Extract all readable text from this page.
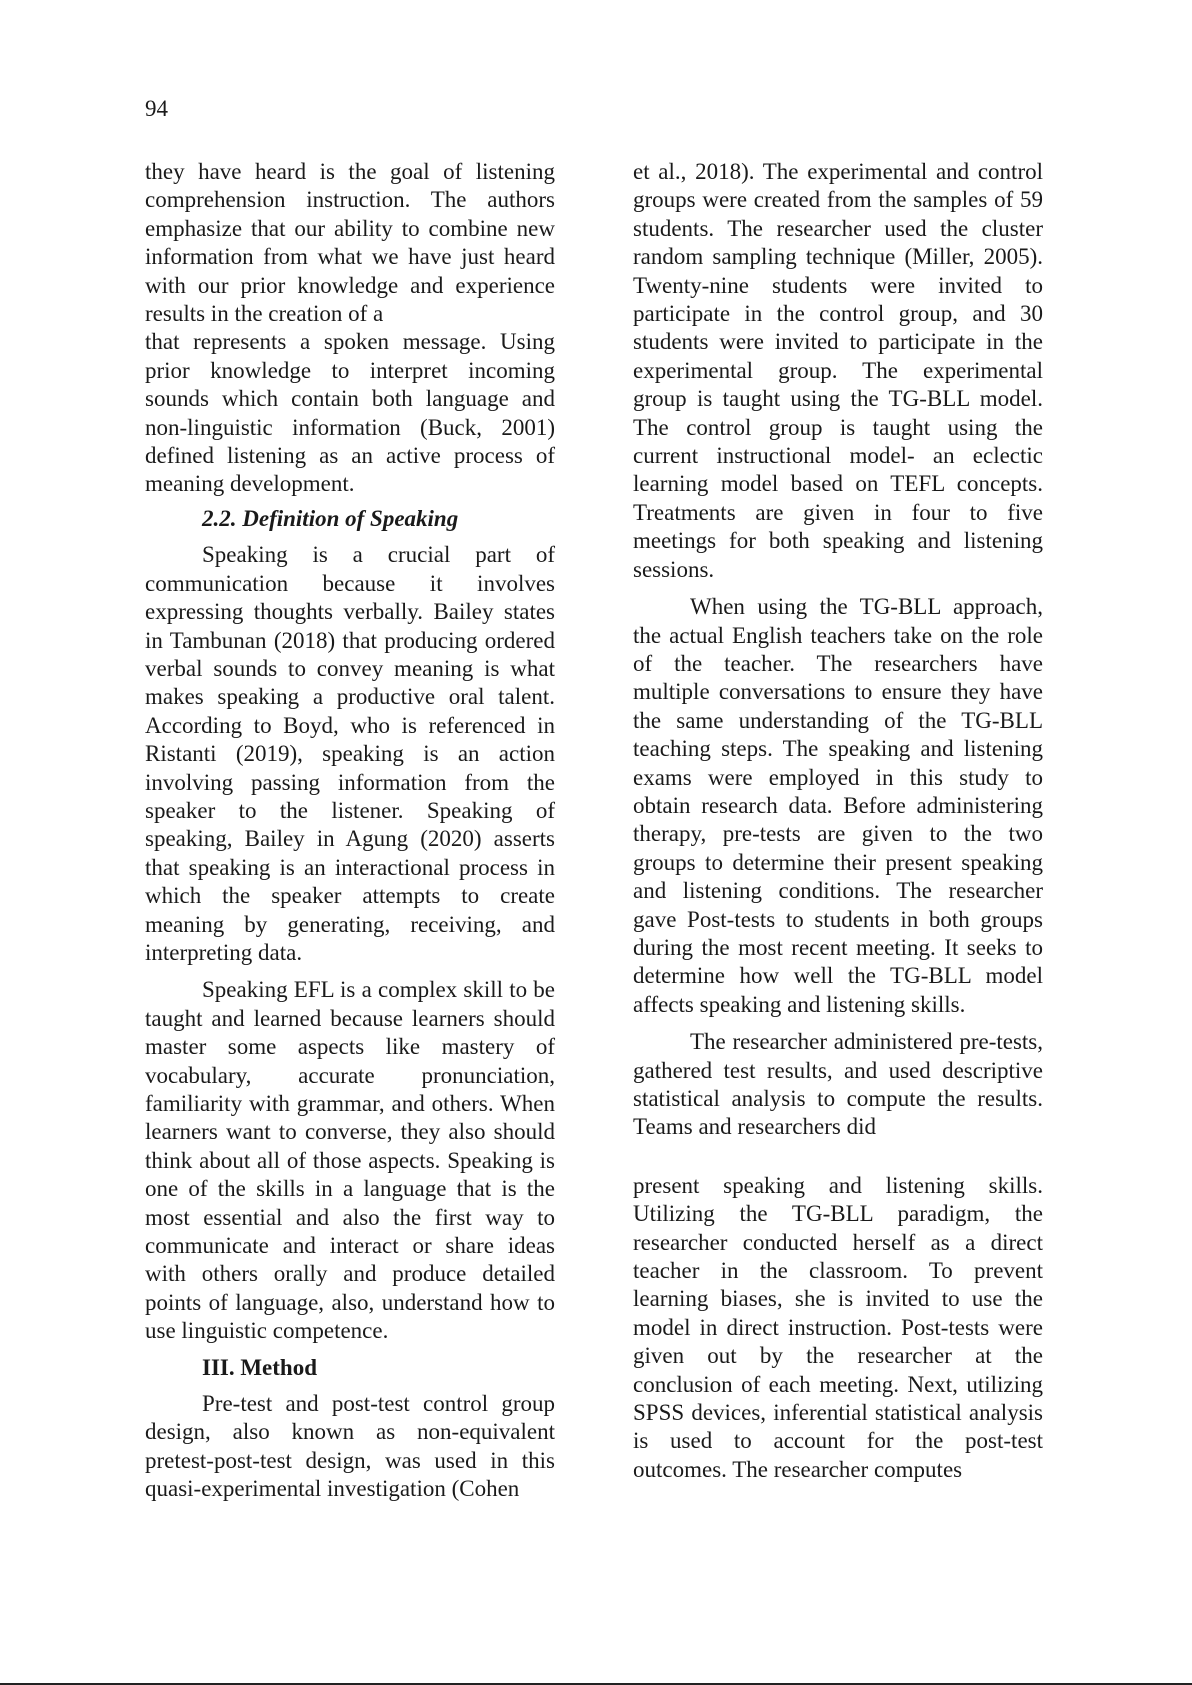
94

they have heard is the goal of listening comprehension instruction. The authors emphasize that our ability to combine new information from what we have just heard with our prior knowledge and experience results in the creation of a

that represents a spoken message. Using prior knowledge to interpret incoming sounds which contain both language and non-linguistic information (Buck, 2001) defined listening as an active process of meaning development.

2.2. Definition of Speaking

Speaking is a crucial part of communication because it involves expressing thoughts verbally. Bailey states in Tambunan (2018) that producing ordered verbal sounds to convey meaning is what makes speaking a productive oral talent. According to Boyd, who is referenced in Ristanti (2019), speaking is an action involving passing information from the speaker to the listener. Speaking of speaking, Bailey in Agung (2020) asserts that speaking is an interactional process in which the speaker attempts to create meaning by generating, receiving, and interpreting data.

Speaking EFL is a complex skill to be taught and learned because learners should master some aspects like mastery of vocabulary, accurate pronunciation, familiarity with grammar, and others. When learners want to converse, they also should think about all of those aspects. Speaking is one of the skills in a language that is the most essential and also the first way to communicate and interact or share ideas with others orally and produce detailed points of language, also, understand how to use linguistic competence.

III. Method

Pre-test and post-test control group design, also known as non-equivalent pretest-post-test design, was used in this quasi-experimental investigation (Cohen

et al., 2018). The experimental and control groups were created from the samples of 59 students. The researcher used the cluster random sampling technique (Miller, 2005). Twenty-nine students were invited to participate in the control group, and 30 students were invited to participate in the experimental group. The experimental group is taught using the TG-BLL model. The control group is taught using the current instructional model- an eclectic learning model based on TEFL concepts. Treatments are given in four to five meetings for both speaking and listening sessions.

When using the TG-BLL approach, the actual English teachers take on the role of the teacher. The researchers have multiple conversations to ensure they have the same understanding of the TG-BLL teaching steps. The speaking and listening exams were employed in this study to obtain research data. Before administering therapy, pre-tests are given to the two groups to determine their present speaking and listening conditions. The researcher gave Post-tests to students in both groups during the most recent meeting. It seeks to determine how well the TG-BLL model affects speaking and listening skills.

The researcher administered pre-tests, gathered test results, and used descriptive statistical analysis to compute the results. Teams and researchers did

present speaking and listening skills. Utilizing the TG-BLL paradigm, the researcher conducted herself as a direct teacher in the classroom. To prevent learning biases, she is invited to use the model in direct instruction. Post-tests were given out by the researcher at the conclusion of each meeting. Next, utilizing SPSS devices, inferential statistical analysis is used to account for the post-test outcomes. The researcher computes
